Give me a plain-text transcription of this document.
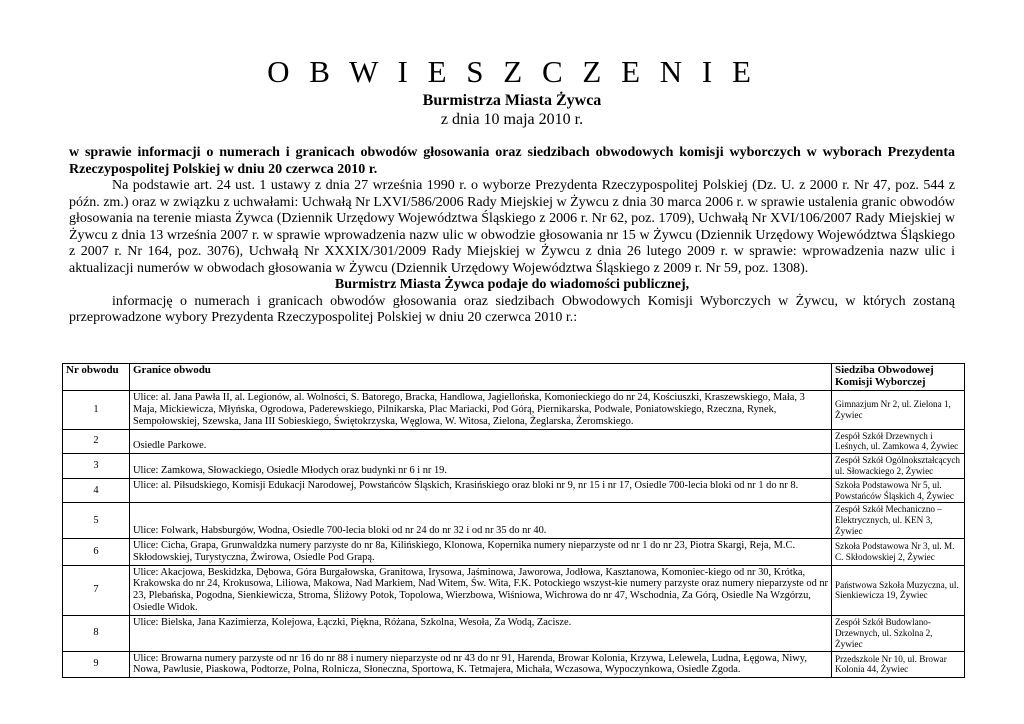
O B W I E S Z C Z E N I E
Burmistrza Miasta Żywca
z dnia 10 maja 2010 r.

w sprawie informacji o numerach i granicach obwodów głosowania oraz siedzibach obwodowych komisji wyborczych w wyborach Prezydenta Rzeczypospolitej Polskiej w dniu 20 czerwca 2010 r.

Na podstawie art. 24 ust. 1 ustawy z dnia 27 września 1990 r. o wyborze Prezydenta Rzeczypospolitej Polskiej (Dz. U. z 2000 r. Nr 47, poz. 544 z późn. zm.) oraz w związku z uchwałami: Uchwałą Nr LXVI/586/2006 Rady Miejskiej w Żywcu z dnia 30 marca 2006 r. w sprawie ustalenia granic obwodów głosowania na terenie miasta Żywca (Dziennik Urzędowy Województwa Śląskiego z 2006 r. Nr 62, poz. 1709), Uchwałą Nr XVI/106/2007 Rady Miejskiej w Żywcu z dnia 13 września 2007 r. w sprawie wprowadzenia nazw ulic w obwodzie głosowania nr 15 w Żywcu (Dziennik Urzędowy Województwa Śląskiego z 2007 r. Nr 164, poz. 3076), Uchwałą Nr XXXIX/301/2009 Rady Miejskiej w Żywcu z dnia 26 lutego 2009 r. w sprawie: wprowadzenia nazw ulic i aktualizacji numerów w obwodach głosowania w Żywcu (Dziennik Urzędowy Województwa Śląskiego z 2009 r. Nr 59, poz. 1308).

Burmistrz Miasta Żywca podaje do wiadomości publicznej,

informację o numerach i granicach obwodów głosowania oraz siedzibach Obwodowych Komisji Wyborczych w Żywcu, w których zostaną przeprowadzone wybory Prezydenta Rzeczypospolitej Polskiej w dniu 20 czerwca 2010 r.:

Nr obwodu	Granice obwodu	Siedziba Obwodowej Komisji Wyborczej
1	Ulice: al. Jana Pawła II, al. Legionów, al. Wolności, S. Batorego, Bracka, Handlowa, Jagiellońska, Komonieckiego do nr 24, Kościuszki, Kraszewskiego, Mała, 3 Maja, Mickiewicza, Młyńska, Ogrodowa, Paderewskiego, Pilnikarska, Plac Mariacki, Pod Górą, Piernikarska, Podwale, Poniatowskiego, Rzeczna, Rynek, Sempołowskiej, Szewska, Jana III Sobieskiego, Świętokrzyska, Węglowa, W. Witosa, Zielona, Żeglarska, Żeromskiego.	Gimnazjum Nr 2, ul. Zielona 1, Żywiec
2	Osiedle Parkowe.	Zespół Szkół Drzewnych i Leśnych, ul. Zamkowa 4, Żywiec
3	Ulice: Zamkowa, Słowackiego, Osiedle Młodych oraz budynki nr 6 i nr 19.	Zespół Szkół Ogólnokształcących ul. Słowackiego 2, Żywiec
4	Ulice: al. Piłsudskiego, Komisji Edukacji Narodowej, Powstańców Śląskich, Krasińskiego oraz bloki nr 9, nr 15 i nr 17, Osiedle 700-lecia bloki od nr 1 do nr 8.	Szkoła Podstawowa Nr 5, ul. Powstańców Śląskich 4, Żywiec
5	Ulice: Folwark, Habsburgów, Wodna, Osiedle 700-lecia bloki od nr 24 do nr 32 i od nr 35 do nr 40.	Zespół Szkół Mechaniczno – Elektrycznych, ul. KEN 3, Żywiec
6	Ulice: Cicha, Grapa, Grunwaldzka numery parzyste do nr 8a, Kilińskiego, Klonowa, Kopernika numery nieparzyste od nr 1 do nr 23, Piotra Skargi, Reja, M.C. Skłodowskiej, Turystyczna, Żwirowa, Osiedle Pod Grapą.	Szkoła Podstawowa Nr 3, ul. M. C. Skłodowskiej 2, Żywiec
7	Ulice: Akacjowa, Beskidzka, Dębowa, Góra Burgałowska, Granitowa, Irysowa, Jaśminowa, Jaworowa, Jodłowa, Kasztanowa, Komoniec-kiego od nr 30, Krótka, Krakowska do nr 24, Krokusowa, Liliowa, Makowa, Nad Markiem, Nad Witem, Św. Wita, F.K. Potockiego wszyst-kie numery parzyste oraz numery nieparzyste od nr 23, Plebańska, Pogodna, Sienkiewicza, Stroma, Śliżowy Potok, Topolowa, Wierzbowa, Wiśniowa, Wichrowa do nr 47, Wschodnia, Za Górą, Osiedle Na Wzgórzu, Osiedle Widok.	Państwowa Szkoła Muzyczna, ul. Sienkiewicza 19, Żywiec
8	Ulice: Bielska, Jana Kazimierza, Kolejowa, Łączki, Piękna, Różana, Szkolna, Wesoła, Za Wodą, Zacisze.	Zespół Szkół Budowlano-Drzewnych, ul. Szkolna 2, Żywiec
9	Ulice: Browarna numery parzyste od nr 16 do nr 88 i numery nieparzyste od nr 43 do nr 91, Harenda, Browar Kolonia, Krzywa, Lelewela, Ludna, Łęgowa, Niwy, Nowa, Pawlusie, Piaskowa, Podtorze, Polna, Rolnicza, Słoneczna, Sportowa, K. Tetmajera, Michała, Wczasowa, Wypoczynkowa, Osiedle Zgoda.	Przedszkole Nr 10, ul. Browar Kolonia 44, Żywiec
